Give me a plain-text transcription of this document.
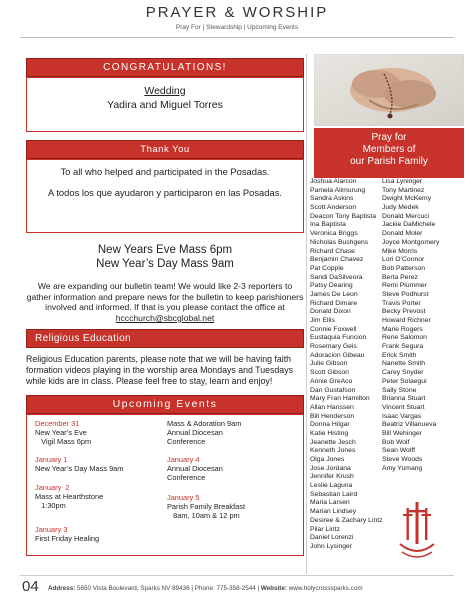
PRAYER & WORSHIP
Pray For | Stewardship | Upcoming Events
CONGRATULATIONS!
Wedding
Yadira and Miguel Torres
Thank You
To all who helped and participated in the Posadas.
A todos los que ayudaron y participaron en las Posadas.
New Years Eve Mass 6pm
New Year’s Day Mass 9am
We are expanding our bulletin team! We would like 2-3 reporters to gather information and prepare news for the bulletin to keep parishioners involved and informed. If that is you please contact the office at hccchurch@sbcglobal.net
Religious Education
Religious Education parents, please note that we will be having faith formation videos playing in the worship area Mondays and Tuesdays while kids are in class. Please feel free to stay, learn and enjoy!
Upcoming Events
December 31
New Year’s Eve
Vigil Mass 6pm
January 1
New Year’s Day Mass 9am
January  2
Mass at Hearthstone
1:30pm
January 3
First Friday Healing
Mass & Adoration 9am
Annual Diocesan
Conference
January 4
Annual Diocesan
Conference
January 5
Parish Family Breakfast
8am, 10am & 12 pm
Pray for
Members of
our Parish Family
Joshua Alarcon
Pamela Alimurung
Sandra Askins
Scott Anderson
Deacon Tony Baptista
Ina Baptista
Veronica Briggs
Nicholas Bushgens
Richard Chase
Benjamin Chavez
Pat Copple
Sandi DaSilveora
Patsy Dearing
James De Leon
Richard Dimare
Donald Dixon
Jim Ellis
Connie Foxwell
Eustaquia Funcion
Rosemary Geis
Adoracion Gibeau
Julie Gibson
Scott Gibson
Annie GreAco
Dan Gustafson
Mary Fran Hamilton
Allan Hanssen
Bill Henderson
Donna Hilgar
Katie Histing
Jeanette Jesch
Kenneth Jones
Olga Jones
Jose Jordana
Jennifer Krush
Leslie Laguna
Sebastian Laird
Maria Larsen
Marian Lindsey
Desiree & Zachary Lintz
Pilar Lintz
Daniel Lorenzi
John Lysinger
Lisa Lyninger
Tony Martinez
Dwight McKemy
Judy Medek
Donald Mercuci
Jackie DaMichele
Donald Moler
Joyce Montgomery
Mike Morris
Lori O’Connor
Bob Patterson
Berta Perez
Remi Plummer
Steve Podhurst
Travis Porter
Becky Prevost
Howard Richner
Marie Rogers
Rene Salomon
Frank Segura
Erick Smith
Nanette Smith
Carey Snyder
Peter Solaegui
Sally Stone
Brianna Stuart
Vincent Stuart
Isaac Vargas
Beatriz Villanueva
Bill Wehinger
Bob Wolf
Sean Wolff
Steve Woods
Amy Yumang
04 Address: 5650 Vista Boulevard, Sparks NV 89436 | Phone: 775-358-2544 | Website: www.holycrosssparks.com
